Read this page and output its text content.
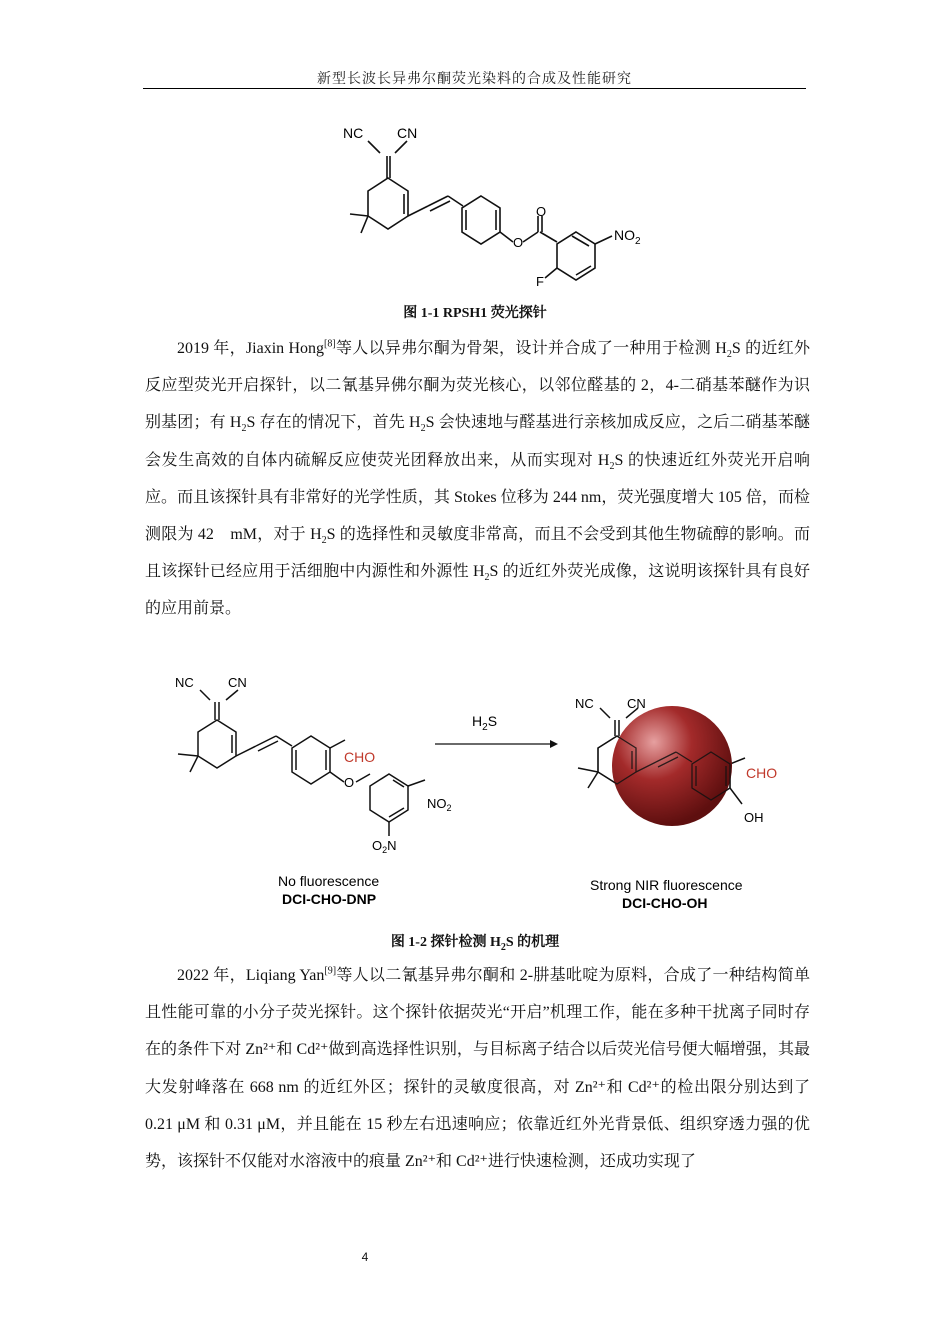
新型长波长异弗尔酮荧光染料的合成及性能研究
NC CN
O
O
$NO_2$
F
图 1-1 RPSH1 荧光探针

2019 年，Jiaxin Hong[8]等人以异弗尔酮为骨架，设计并合成了一种用于检测 $H_2S$ 的近红外反应型荧光开启探针，以二氰基异佛尔酮为荧光核心，以邻位醛基的 2，4-二硝基苯醚作为识别基团；有 $H_2S$ 存在的情况下，首先 $H_2S$ 会快速地与醛基进行亲核加成反应，之后二硝基苯醚会发生高效的自体内硫解反应使荧光团释放出来，从而实现对 $H_2S$ 的快速近红外荧光开启响应。而且该探针具有非常好的光学性质，其 Stokes 位移为 244 nm，荧光强度增大 105 倍，而检测限为 42　mM，对于 $H_2S$ 的选择性和灵敏度非常高，而且不会受到其他生物硫醇的影响。而且该探针已经应用于活细胞中内源性和外源性 $H_2S$ 的近红外荧光成像，这说明该探针具有良好的应用前景。

NC	CN
CHO
O
$NO_2$
$O_2N$
$H_2S$
NC	CN
CHO
OH
No fluorescence
DCI-CHO-DNP
Strong NIR fluorescence
DCI-CHO-OH
图 1-2 探针检测 $H_2S$ 的机理

2022 年，Liqiang Yan[9]等人以二氰基异弗尔酮和 2-肼基吡啶为原料，合成了一种结构简单且性能可靠的小分子荧光探针。这个探针依据荧光“开启”机理工作，能在多种干扰离子同时存在的条件下对 Zn²⁺和 Cd²⁺做到高选择性识别，与目标离子结合以后荧光信号便大幅增强，其最大发射峰落在 668 nm 的近红外区；探针的灵敏度很高，对 Zn²⁺和 Cd²⁺的检出限分别达到了 0.21 μM 和 0.31 μM，并且能在 15 秒左右迅速响应；依靠近红外光背景低、组织穿透力强的优势，该探针不仅能对水溶液中的痕量 Zn²⁺和 Cd²⁺进行快速检测，还成功实现了

4
